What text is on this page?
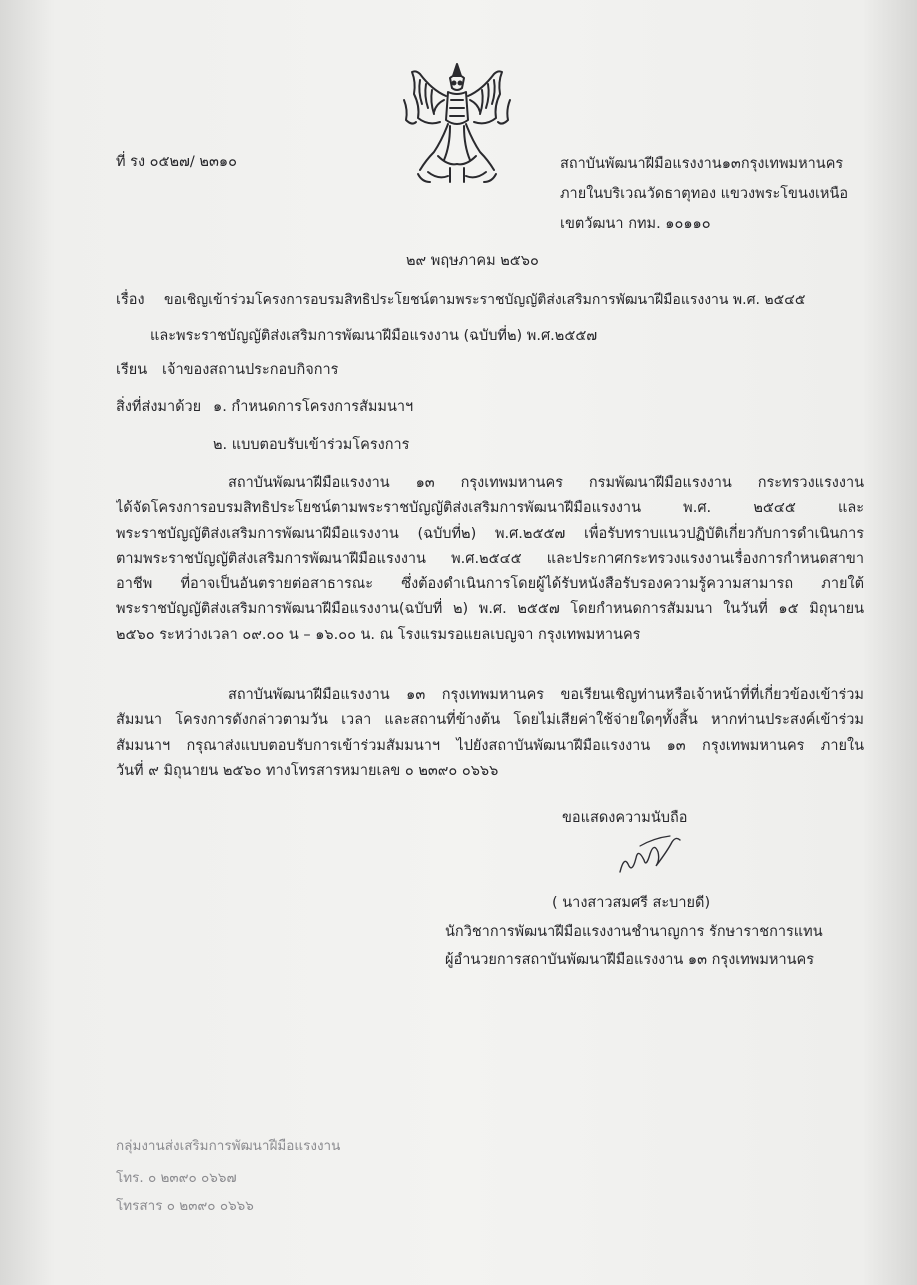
ที่ รง ๐๕๒๗/ ๒๓๑๐	สถาบันพัฒนาฝีมือแรงงาน๑๓กรุงเทพมหานคร
ภายในบริเวณวัดธาตุทอง แขวงพระโขนงเหนือ
เขตวัฒนา กทม. ๑๐๑๑๐
๒๙ พฤษภาคม ๒๕๖๐
เรื่อง ขอเชิญเข้าร่วมโครงการอบรมสิทธิประโยชน์ตามพระราชบัญญัติส่งเสริมการพัฒนาฝีมือแรงงาน พ.ศ. ๒๕๔๕
และพระราชบัญญัติส่งเสริมการพัฒนาฝีมือแรงงาน (ฉบับที่๒) พ.ศ.๒๕๕๗
เรียน เจ้าของสถานประกอบกิจการ
สิ่งที่ส่งมาด้วย ๑. กำหนดการโครงการสัมมนาฯ
๒. แบบตอบรับเข้าร่วมโครงการ
สถาบันพัฒนาฝีมือแรงงาน ๑๓ กรุงเทพมหานคร กรมพัฒนาฝีมือแรงงาน กระทรวงแรงงาน
ได้จัดโครงการอบรมสิทธิประโยชน์ตามพระราชบัญญัติส่งเสริมการพัฒนาฝีมือแรงงาน พ.ศ. ๒๕๔๕ และ
พระราชบัญญัติส่งเสริมการพัฒนาฝีมือแรงงาน (ฉบับที่๒) พ.ศ.๒๕๕๗ เพื่อรับทราบแนวปฏิบัติเกี่ยวกับการดำเนินการ
ตามพระราชบัญญัติส่งเสริมการพัฒนาฝีมือแรงงาน พ.ศ.๒๕๔๕ และประกาศกระทรวงแรงงานเรื่องการกำหนดสาขา
อาชีพ ที่อาจเป็นอันตรายต่อสาธารณะ ซึ่งต้องดำเนินการโดยผู้ได้รับหนังสือรับรองความรู้ความสามารถ ภายใต้
พระราชบัญญัติส่งเสริมการพัฒนาฝีมือแรงงาน(ฉบับที่ ๒) พ.ศ. ๒๕๕๗ โดยกำหนดการสัมมนา ในวันที่ ๑๕ มิถุนายน
๒๕๖๐ ระหว่างเวลา ๐๙.๐๐ น – ๑๖.๐๐ น. ณ โรงแรมรอแยลเบญจา กรุงเทพมหานคร
สถาบันพัฒนาฝีมือแรงงาน ๑๓ กรุงเทพมหานคร ขอเรียนเชิญท่านหรือเจ้าหน้าที่ที่เกี่ยวข้องเข้าร่วม
สัมมนา โครงการดังกล่าวตามวัน เวลา และสถานที่ข้างต้น โดยไม่เสียค่าใช้จ่ายใดๆทั้งสิ้น หากท่านประสงค์เข้าร่วม
สัมมนาฯ กรุณาส่งแบบตอบรับการเข้าร่วมสัมมนาฯ ไปยังสถาบันพัฒนาฝีมือแรงงาน ๑๓ กรุงเทพมหานคร ภายใน
วันที่ ๙ มิถุนายน ๒๕๖๐ ทางโทรสารหมายเลข ๐ ๒๓๙๐ ๐๖๖๖
ขอแสดงความนับถือ
( นางสาวสมศรี สะบายดี)
นักวิชาการพัฒนาฝีมือแรงงานชำนาญการ รักษาราชการแทน
ผู้อำนวยการสถาบันพัฒนาฝีมือแรงงาน ๑๓ กรุงเทพมหานคร
กลุ่มงานส่งเสริมการพัฒนาฝีมือแรงงาน
โทร. ๐ ๒๓๙๐ ๐๖๖๗
โทรสาร ๐ ๒๓๙๐ ๐๖๖๖
